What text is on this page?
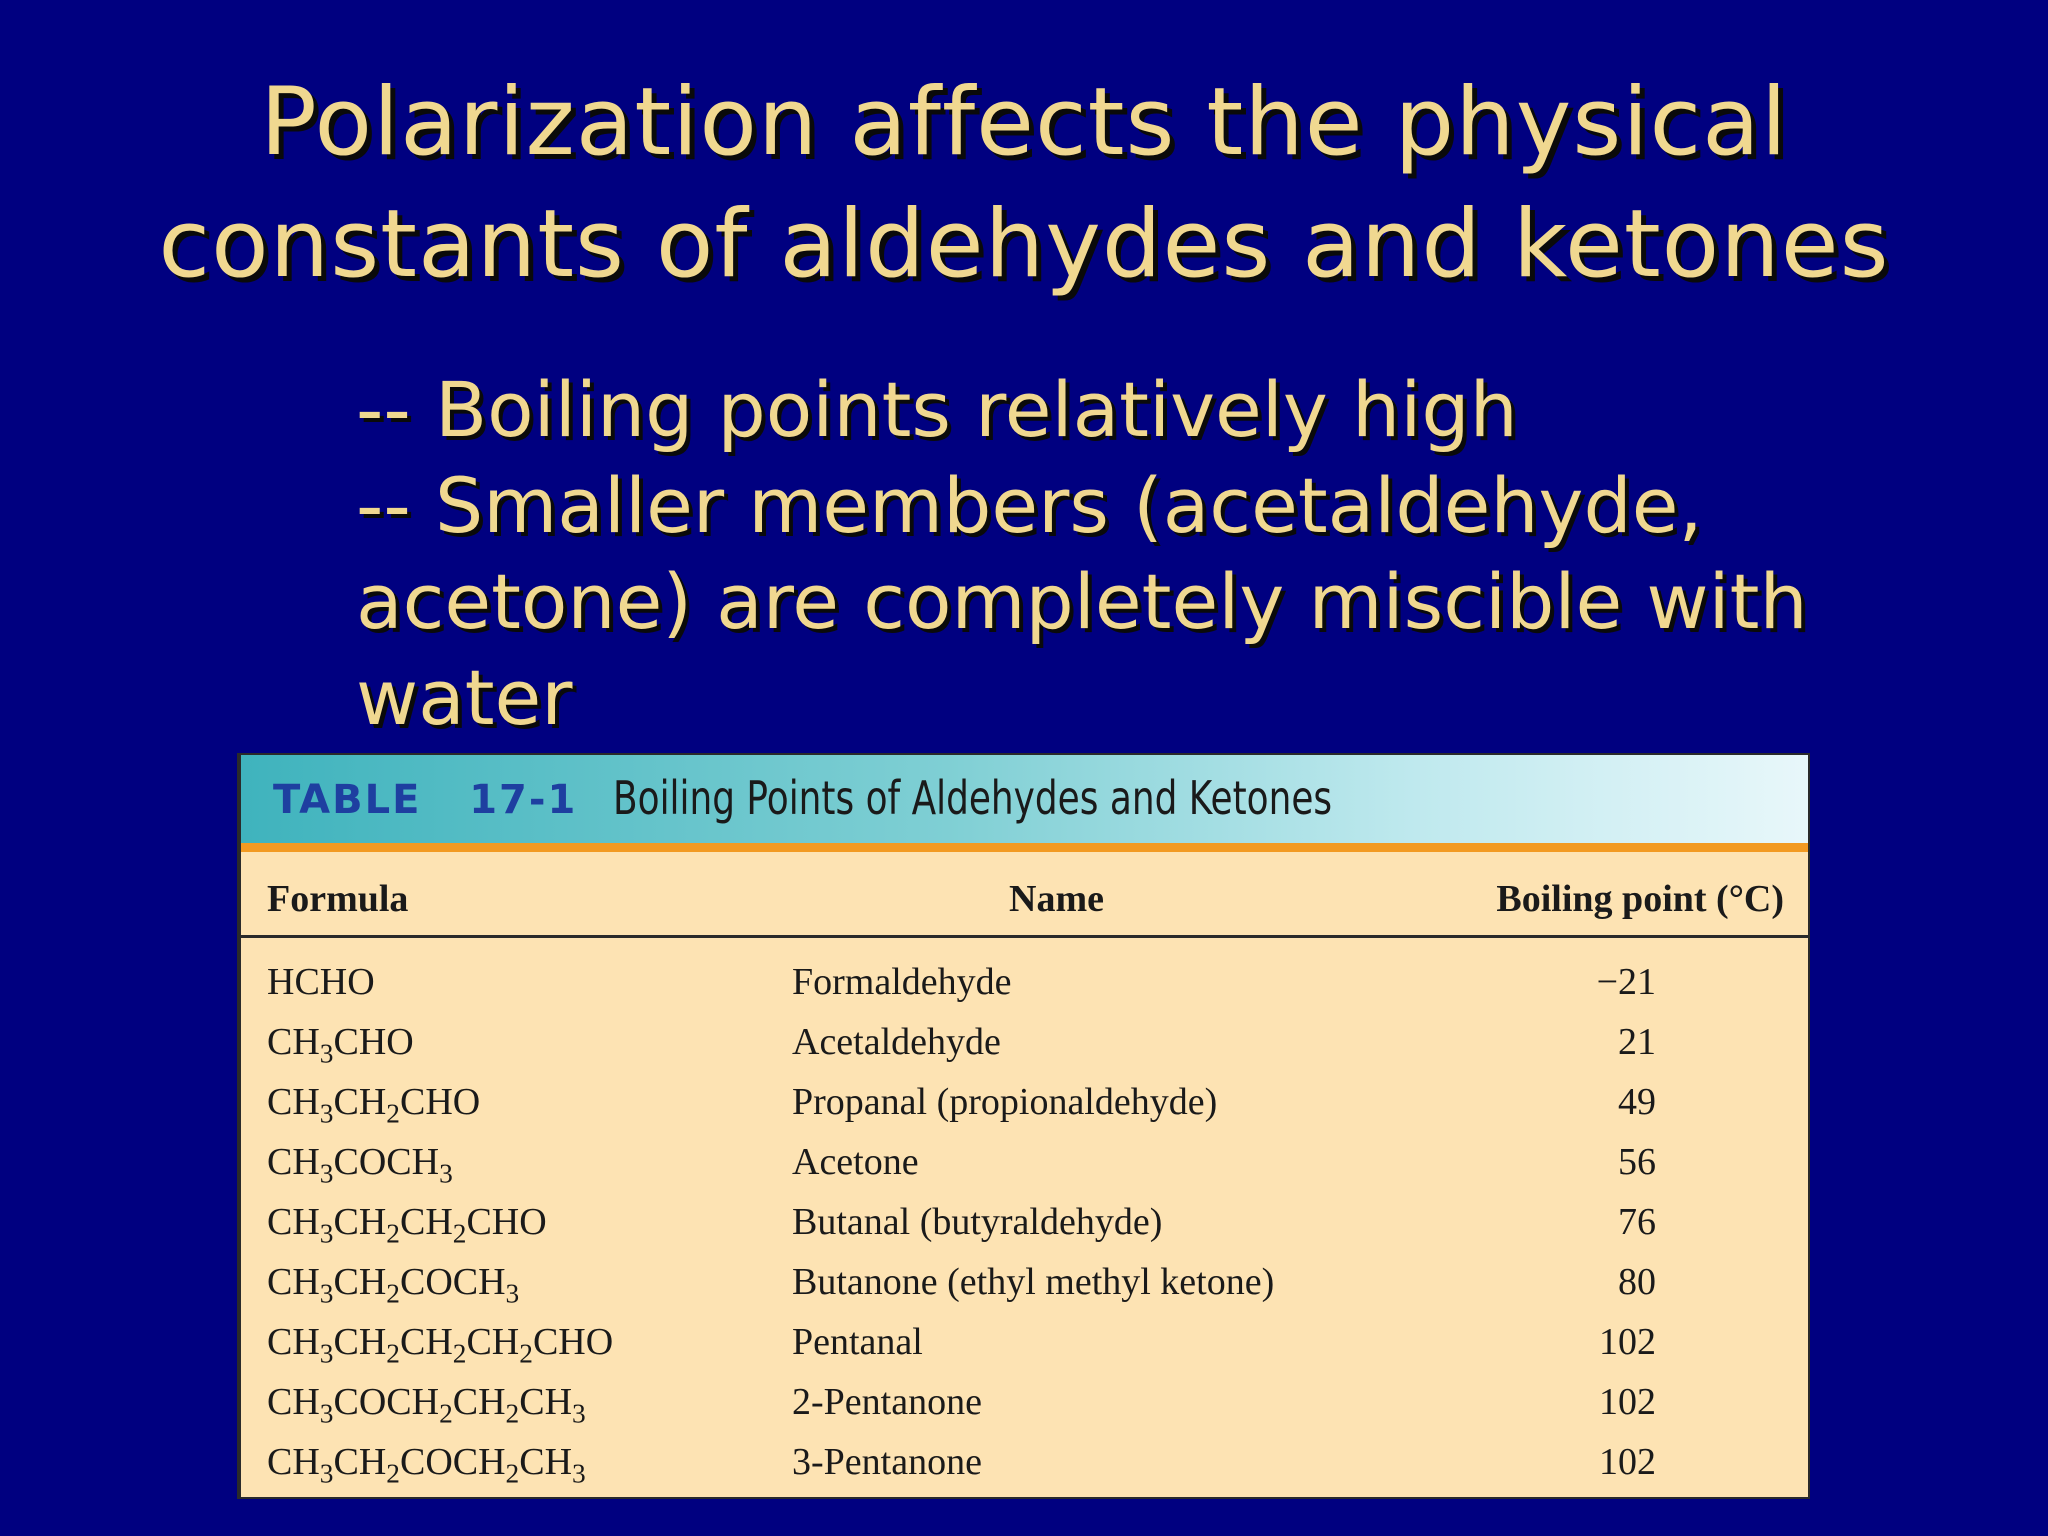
Polarization affects the physical
constants of aldehydes and ketones
-- Boiling points relatively high
-- Smaller members (acetaldehyde,
acetone) are completely miscible with
water
TABLE   17-1 Boiling Points of Aldehydes and Ketones
Formula	Name	Boiling point (°C)
HCHO	Formaldehyde	−21
$CH_3CHO$	Acetaldehyde	21
$CH_3CH_2CHO$	Propanal (propionaldehyde)	49
$CH_3COCH_3$	Acetone	56
$CH_3CH_2CH_2CHO$	Butanal (butyraldehyde)	76
$CH_3CH_2COCH_3$	Butanone (ethyl methyl ketone)	80
$CH_3CH_2CH_2CH_2CHO$	Pentanal	102
$CH_3COCH_2CH_2CH_3$	2-Pentanone	102
$CH_3CH_2COCH_2CH_3$	3-Pentanone	102
